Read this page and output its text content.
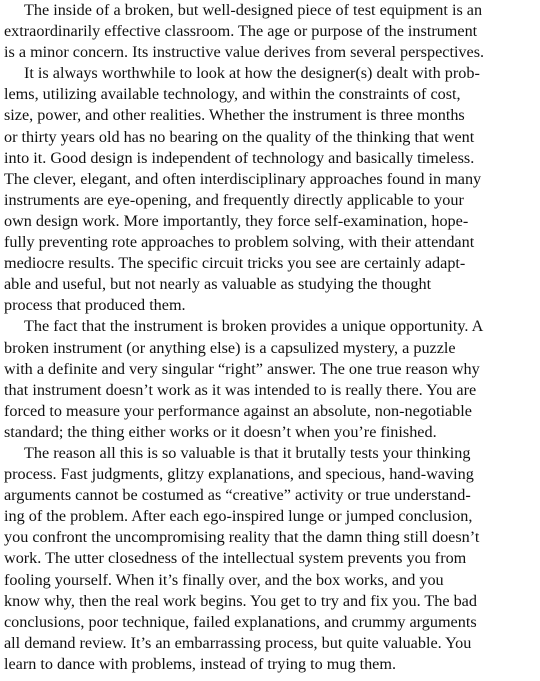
The inside of a broken, but well-designed piece of test equipment is an
extraordinarily effective classroom. The age or purpose of the instrument
is a minor concern. Its instructive value derives from several perspectives.

It is always worthwhile to look at how the designer(s) dealt with prob-
lems, utilizing available technology, and within the constraints of cost,
size, power, and other realities. Whether the instrument is three months
or thirty years old has no bearing on the quality of the thinking that went
into it. Good design is independent of technology and basically timeless.
The clever, elegant, and often interdisciplinary approaches found in many
instruments are eye-opening, and frequently directly applicable to your
own design work. More importantly, they force self-examination, hope-
fully preventing rote approaches to problem solving, with their attendant
mediocre results. The specific circuit tricks you see are certainly adapt-
able and useful, but not nearly as valuable as studying the thought
process that produced them.

The fact that the instrument is broken provides a unique opportunity. A
broken instrument (or anything else) is a capsulized mystery, a puzzle
with a definite and very singular “right” answer. The one true reason why
that instrument doesn’t work as it was intended to is really there. You are
forced to measure your performance against an absolute, non-negotiable
standard; the thing either works or it doesn’t when you’re finished.

The reason all this is so valuable is that it brutally tests your thinking
process. Fast judgments, glitzy explanations, and specious, hand-waving
arguments cannot be costumed as “creative” activity or true understand-
ing of the problem. After each ego-inspired lunge or jumped conclusion,
you confront the uncompromising reality that the damn thing still doesn’t
work. The utter closedness of the intellectual system prevents you from
fooling yourself. When it’s finally over, and the box works, and you
know why, then the real work begins. You get to try and fix you. The bad
conclusions, poor technique, failed explanations, and crummy arguments
all demand review. It’s an embarrassing process, but quite valuable. You
learn to dance with problems, instead of trying to mug them.
